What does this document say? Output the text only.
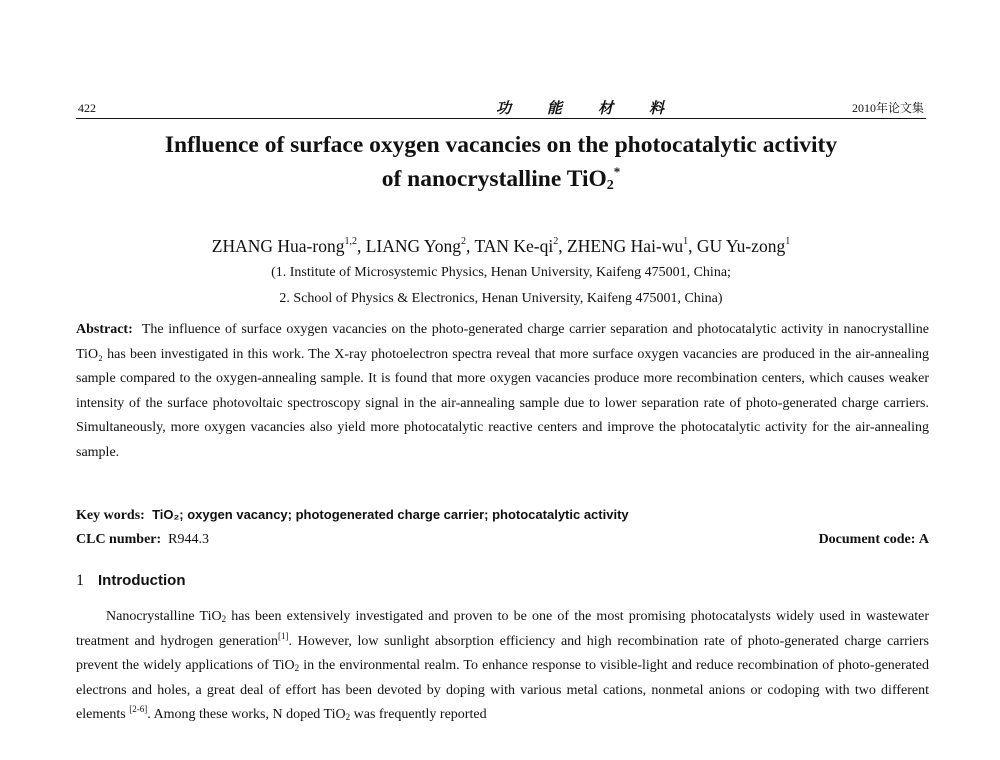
422	功能材料	2010年论文集
Influence of surface oxygen vacancies on the photocatalytic activity
of nanocrystalline TiO$_2$*
ZHANG Hua-rong$^{1,2}$, LIANG Yong$^2$, TAN $Ke-qi^2$, ZHENG Hai-$wu^1$, GU Yu-zong$^1$
(1. Institute of Microsystemic Physics, Henan University, Kaifeng 475001, China;
2. School of Physics & Electronics, Henan University, Kaifeng 475001, China)
Abstract: The influence of surface oxygen vacancies on the photo-generated charge carrier separation and photocatalytic activity in nanocrystalline TiO₂ has been investigated in this work. The X-ray photoelectron spectra reveal that more surface oxygen vacancies are produced in the air-annealing sample compared to the oxygen-annealing sample. It is found that more oxygen vacancies produce more recombination centers, which causes weaker intensity of the surface photovoltaic spectroscopy signal in the air-annealing sample due to lower separation rate of photo-generated charge carriers. Simultaneously, more oxygen vacancies also yield more photocatalytic reactive centers and improve the photocatalytic activity for the air-annealing sample.
Key words: TiO₂; oxygen vacancy; photogenerated charge carrier; photocatalytic activity
CLC number: R944.3	Document code: A
1 Introduction
Nanocrystalline TiO$_2$ has been extensively investigated and proven to be one of the most promising photocatalysts widely used in wastewater treatment and hydrogen generation[1]. However, low sunlight absorption efficiency and high recombination rate of photo-generated charge carriers prevent the widely applications of TiO$_2$ in the environmental realm. To enhance response to visible-light and reduce recombination of photo-generated electrons and holes, a great deal of effort has been devoted by doping with various metal cations, nonmetal anions or codoping with two different elements [2-6]. Among these works, N doped TiO$_2$ was frequently reported
